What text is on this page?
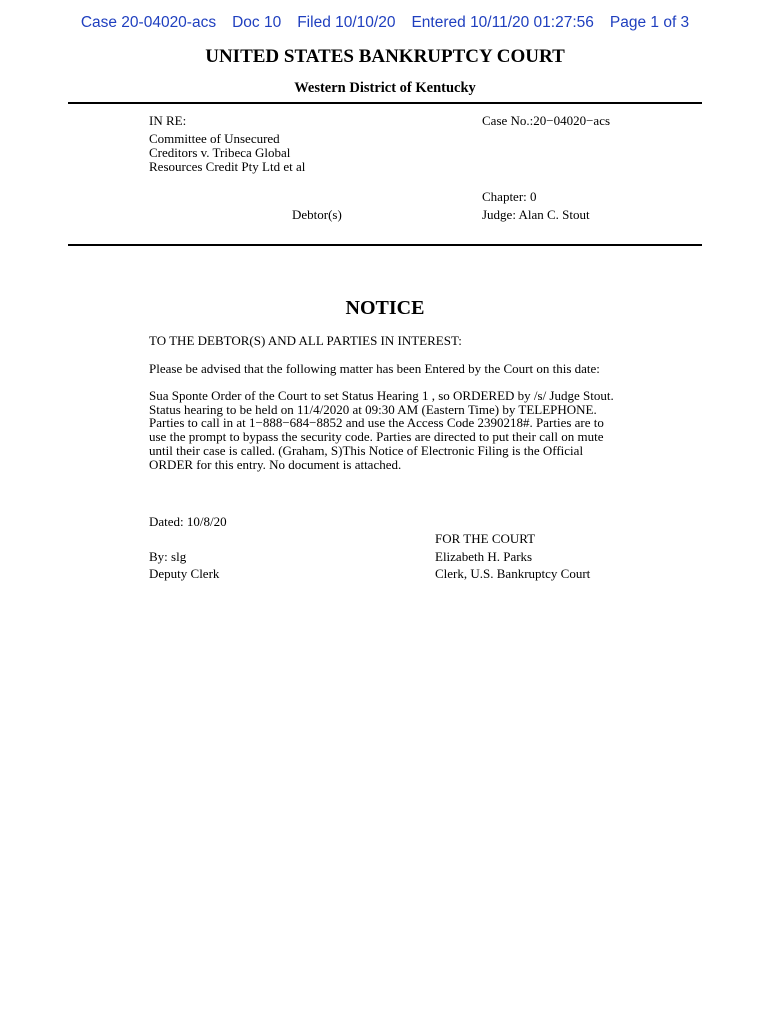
Case 20-04020-acs Doc 10 Filed 10/10/20 Entered 10/11/20 01:27:56 Page 1 of 3
UNITED STATES BANKRUPTCY COURT
Western District of Kentucky
IN RE:
Committee of Unsecured Creditors v. Tribeca Global Resources Credit Pty Ltd et al
Case No.:20−04020−acs
Chapter: 0
Judge: Alan C. Stout
Debtor(s)
NOTICE
TO THE DEBTOR(S) AND ALL PARTIES IN INTEREST:
Please be advised that the following matter has been Entered by the Court on this date:
Sua Sponte Order of the Court to set Status Hearing 1 , so ORDERED by /s/ Judge Stout. Status hearing to be held on 11/4/2020 at 09:30 AM (Eastern Time) by TELEPHONE. Parties to call in at 1−888−684−8852 and use the Access Code 2390218#. Parties are to use the prompt to bypass the security code. Parties are directed to put their call on mute until their case is called. (Graham, S)This Notice of Electronic Filing is the Official ORDER for this entry. No document is attached.
Dated: 10/8/20
FOR THE COURT
Elizabeth H. Parks
Clerk, U.S. Bankruptcy Court
By: slg
Deputy Clerk
